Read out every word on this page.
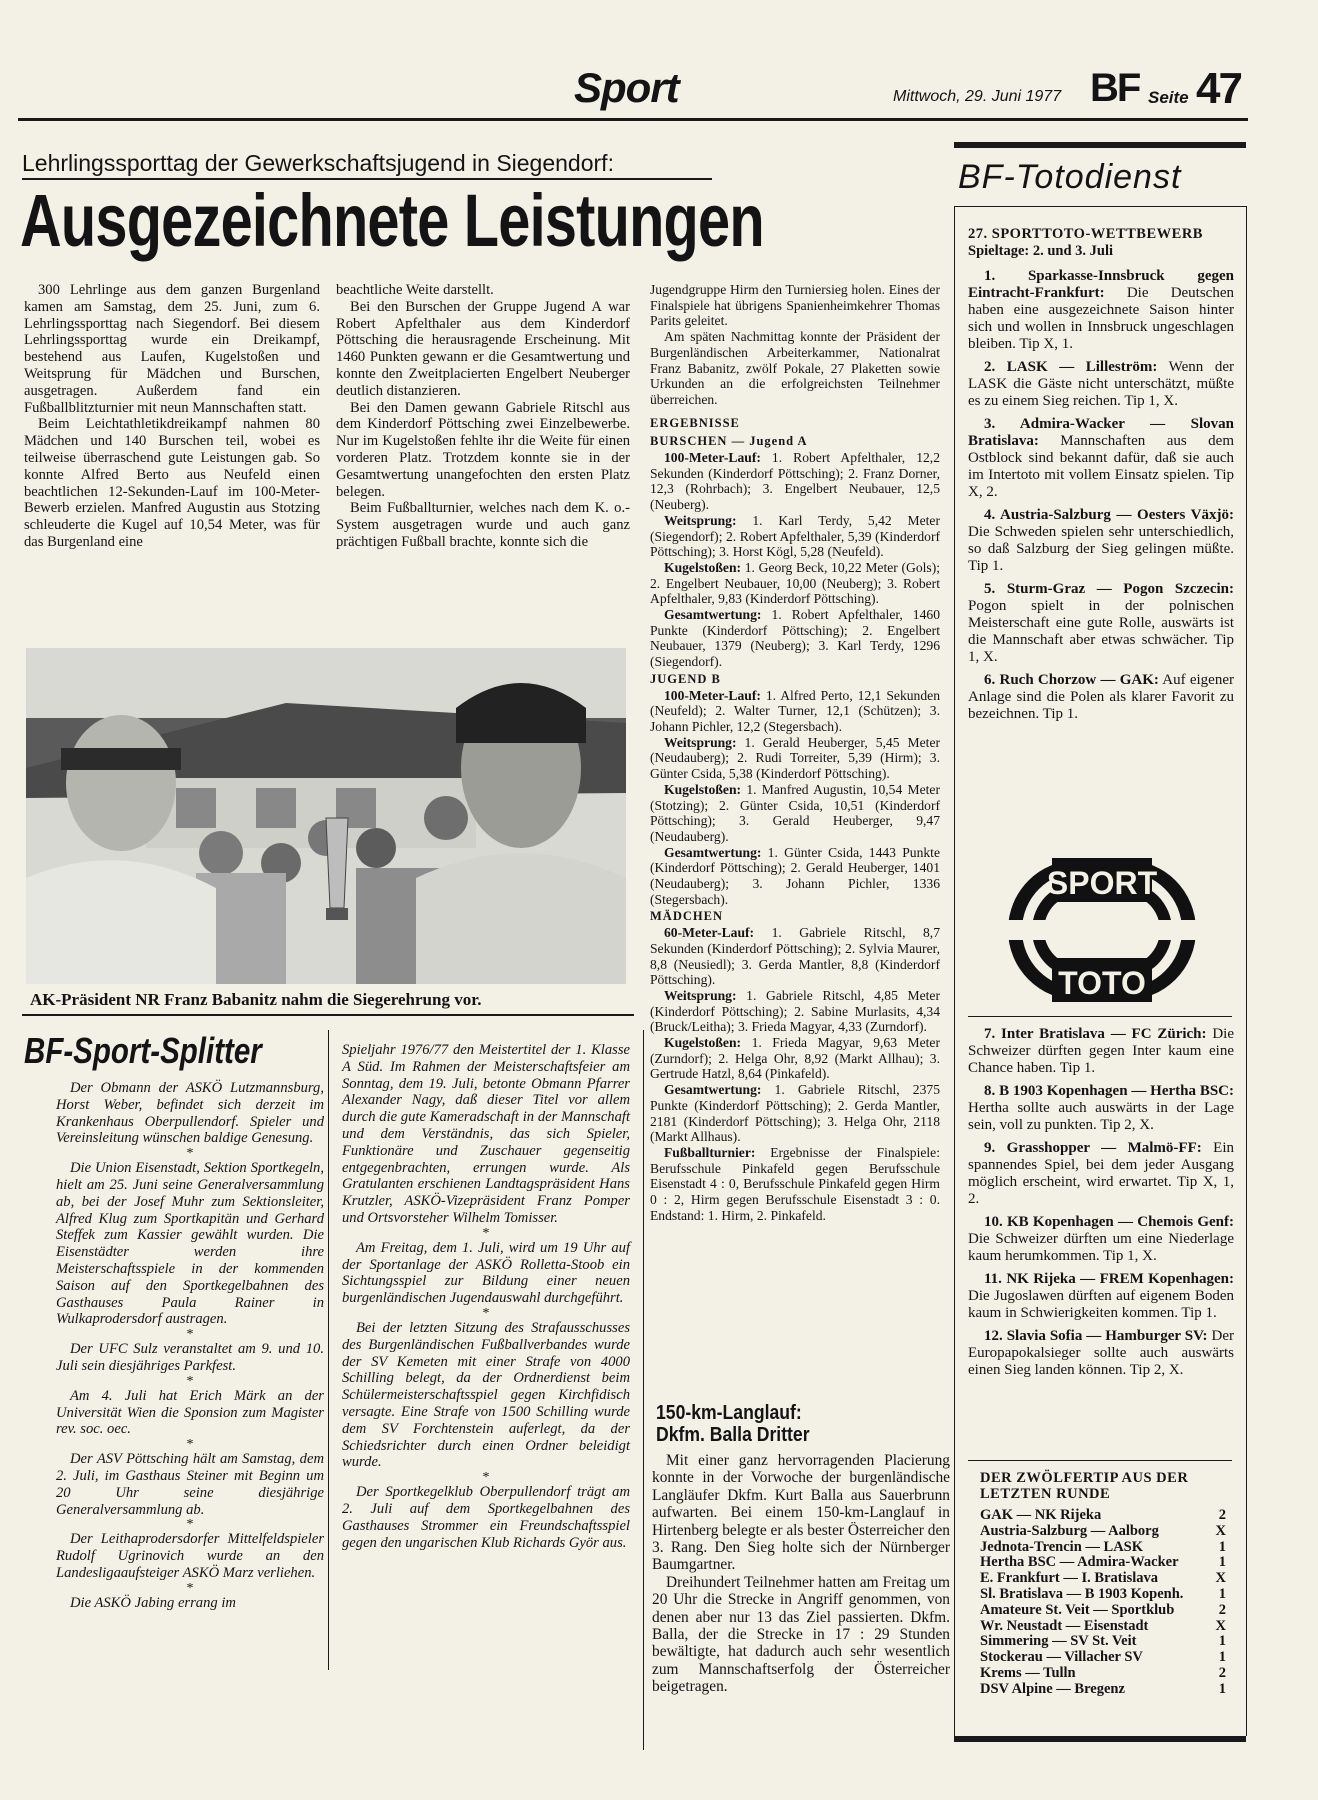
Sport	Mittwoch, 29. Juni 1977 BF Seite 47
Lehrlingssporttag der Gewerkschaftsjugend in Siegendorf:
Ausgezeichnete Leistungen

300 Lehrlinge aus dem ganzen Burgenland kamen am Samstag, dem 25. Juni, zum 6. Lehrlingssporttag nach Siegendorf. Bei diesem Lehrlingssporttag wurde ein Dreikampf, bestehend aus Laufen, Kugelstoßen und Weitsprung für Mädchen und Burschen, ausgetragen. Außerdem fand ein Fußballblitzturnier mit neun Mannschaften statt.

Beim Leichtathletikdreikampf nahmen 80 Mädchen und 140 Burschen teil, wobei es teilweise überraschend gute Leistungen gab. So konnte Alfred Berto aus Neufeld einen beachtlichen 12-Sekunden-Lauf im 100-Meter-Bewerb erzielen. Manfred Augustin aus Stotzing schleuderte die Kugel auf 10,54 Meter, was für das Burgenland eine

beachtliche Weite darstellt.

Bei den Burschen der Gruppe Jugend A war Robert Apfelthaler aus dem Kinderdorf Pöttsching die herausragende Erscheinung. Mit 1460 Punkten gewann er die Gesamtwertung und konnte den Zweitplacierten Engelbert Neuberger deutlich distanzieren.

Bei den Damen gewann Gabriele Ritschl aus dem Kinderdorf Pöttsching zwei Einzelbewerbe. Nur im Kugelstoßen fehlte ihr die Weite für einen vorderen Platz. Trotzdem konnte sie in der Gesamtwertung unangefochten den ersten Platz belegen.

Beim Fußballturnier, welches nach dem K. o.-System ausgetragen wurde und auch ganz prächtigen Fußball brachte, konnte sich die

AK-Präsident NR Franz Babanitz nahm die Siegerehrung vor.

Jugendgruppe Hirm den Turniersieg holen. Eines der Finalspiele hat übrigens Spanienheimkehrer Thomas Parits geleitet.

Am späten Nachmittag konnte der Präsident der Burgenländischen Arbeiterkammer, Nationalrat Franz Babanitz, zwölf Pokale, 27 Plaketten sowie Urkunden an die erfolgreichsten Teilnehmer überreichen.

ERGEBNISSE
BURSCHEN — Jugend A

100-Meter-Lauf: 1. Robert Apfelthaler, 12,2 Sekunden (Kinderdorf Pöttsching); 2. Franz Dorner, 12,3 (Rohrbach); 3. Engelbert Neubauer, 12,5 (Neuberg).

Weitsprung: 1. Karl Terdy, 5,42 Meter (Siegendorf); 2. Robert Apfelthaler, 5,39 (Kinderdorf Pöttsching); 3. Horst Kögl, 5,28 (Neufeld).

Kugelstoßen: 1. Georg Beck, 10,22 Meter (Gols); 2. Engelbert Neubauer, 10,00 (Neuberg); 3. Robert Apfelthaler, 9,83 (Kinderdorf Pöttsching).

Gesamtwertung: 1. Robert Apfelthaler, 1460 Punkte (Kinderdorf Pöttsching); 2. Engelbert Neubauer, 1379 (Neuberg); 3. Karl Terdy, 1296 (Siegendorf).

JUGEND B

100-Meter-Lauf: 1. Alfred Perto, 12,1 Sekunden (Neufeld); 2. Walter Turner, 12,1 (Schützen); 3. Johann Pichler, 12,2 (Stegersbach).

Weitsprung: 1. Gerald Heuberger, 5,45 Meter (Neudauberg); 2. Rudi Torreiter, 5,39 (Hirm); 3. Günter Csida, 5,38 (Kinderdorf Pöttsching).

Kugelstoßen: 1. Manfred Augustin, 10,54 Meter (Stotzing); 2. Günter Csida, 10,51 (Kinderdorf Pöttsching); 3. Gerald Heuberger, 9,47 (Neudauberg).

Gesamtwertung: 1. Günter Csida, 1443 Punkte (Kinderdorf Pöttsching); 2. Gerald Heuberger, 1401 (Neudauberg); 3. Johann Pichler, 1336 (Stegersbach).

MÄDCHEN

60-Meter-Lauf: 1. Gabriele Ritschl, 8,7 Sekunden (Kinderdorf Pöttsching); 2. Sylvia Maurer, 8,8 (Neusiedl); 3. Gerda Mantler, 8,8 (Kinderdorf Pöttsching).

Weitsprung: 1. Gabriele Ritschl, 4,85 Meter (Kinderdorf Pöttsching); 2. Sabine Murlasits, 4,34 (Bruck/Leitha); 3. Frieda Magyar, 4,33 (Zurndorf).

Kugelstoßen: 1. Frieda Magyar, 9,63 Meter (Zurndorf); 2. Helga Ohr, 8,92 (Markt Allhau); 3. Gertrude Hatzl, 8,64 (Pinkafeld).

Gesamtwertung: 1. Gabriele Ritschl, 2375 Punkte (Kinderdorf Pöttsching); 2. Gerda Mantler, 2181 (Kinderdorf Pöttsching); 3. Helga Ohr, 2118 (Markt Allhaus).

Fußballturnier: Ergebnisse der Finalspiele: Berufsschule Pinkafeld gegen Berufsschule Eisenstadt 4 : 0, Berufsschule Pinkafeld gegen Hirm 0 : 2, Hirm gegen Berufsschule Eisenstadt 3 : 0. Endstand: 1. Hirm, 2. Pinkafeld.

BF-Sport-Splitter

Der Obmann der ASKÖ Lutzmannsburg, Horst Weber, befindet sich derzeit im Krankenhaus Oberpullendorf. Spieler und Vereinsleitung wünschen baldige Genesung.

*

Die Union Eisenstadt, Sektion Sportkegeln, hielt am 25. Juni seine Generalversammlung ab, bei der Josef Muhr zum Sektionsleiter, Alfred Klug zum Sportkapitän und Gerhard Steffek zum Kassier gewählt wurden. Die Eisenstädter werden ihre Meisterschaftsspiele in der kommenden Saison auf den Sportkegelbahnen des Gasthauses Paula Rainer in Wulkaprodersdorf austragen.

*

Der UFC Sulz veranstaltet am 9. und 10. Juli sein diesjähriges Parkfest.

*

Am 4. Juli hat Erich Märk an der Universität Wien die Sponsion zum Magister rev. soc. oec.

*

Der ASV Pöttsching hält am Samstag, dem 2. Juli, im Gasthaus Steiner mit Beginn um 20 Uhr seine diesjährige Generalversammlung ab.

*

Der Leithaprodersdorfer Mittelfeldspieler Rudolf Ugrinovich wurde an den Landesligaaufsteiger ASKÖ Marz verliehen.

*

Die ASKÖ Jabing errang im

Spieljahr 1976/77 den Meistertitel der 1. Klasse A Süd. Im Rahmen der Meisterschaftsfeier am Sonntag, dem 19. Juli, betonte Obmann Pfarrer Alexander Nagy, daß dieser Titel vor allem durch die gute Kameradschaft in der Mannschaft und dem Verständnis, das sich Spieler, Funktionäre und Zuschauer gegenseitig entgegenbrachten, errungen wurde. Als Gratulanten erschienen Landtagspräsident Hans Krutzler, ASKÖ-Vizepräsident Franz Pomper und Ortsvorsteher Wilhelm Tomisser.

*

Am Freitag, dem 1. Juli, wird um 19 Uhr auf der Sportanlage der ASKÖ Rolletta-Stoob ein Sichtungsspiel zur Bildung einer neuen burgenländischen Jugendauswahl durchgeführt.

*

Bei der letzten Sitzung des Strafausschusses des Burgenländischen Fußballverbandes wurde der SV Kemeten mit einer Strafe von 4000 Schilling belegt, da der Ordnerdienst beim Schülermeisterschaftsspiel gegen Kirchfidisch versagte. Eine Strafe von 1500 Schilling wurde dem SV Forchtenstein auferlegt, da der Schiedsrichter durch einen Ordner beleidigt wurde.

*

Der Sportkegelklub Oberpullendorf trägt am 2. Juli auf dem Sportkegelbahnen des Gasthauses Strommer ein Freundschaftsspiel gegen den ungarischen Klub Richards Györ aus.

150-km-Langlauf:
Dkfm. Balla Dritter

Mit einer ganz hervorragenden Placierung konnte in der Vorwoche der burgenländische Langläufer Dkfm. Kurt Balla aus Sauerbrunn aufwarten. Bei einem 150-km-Langlauf in Hirtenberg belegte er als bester Österreicher den 3. Rang. Den Sieg holte sich der Nürnberger Baumgartner.

Dreihundert Teilnehmer hatten am Freitag um 20 Uhr die Strecke in Angriff genommen, von denen aber nur 13 das Ziel passierten. Dkfm. Balla, der die Strecke in 17 : 29 Stunden bewältigte, hat dadurch auch sehr wesentlich zum Mannschaftserfolg der Österreicher beigetragen.

BF-Totodienst
27. SPORTTOTO-WETTBEWERB
Spieltage: 2. und 3. Juli

1. Sparkasse-Innsbruck gegen Eintracht-Frankfurt: Die Deutschen haben eine ausgezeichnete Saison hinter sich und wollen in Innsbruck ungeschlagen bleiben. Tip X, 1.

2. LASK — Lilleström: Wenn der LASK die Gäste nicht unterschätzt, müßte es zu einem Sieg reichen. Tip 1, X.

3. Admira-Wacker — Slovan Bratislava: Mannschaften aus dem Ostblock sind bekannt dafür, daß sie auch im Intertoto mit vollem Einsatz spielen. Tip X, 2.

4. Austria-Salzburg — Oesters Växjö: Die Schweden spielen sehr unterschiedlich, so daß Salzburg der Sieg gelingen müßte. Tip 1.

5. Sturm-Graz — Pogon Szczecin: Pogon spielt in der polnischen Meisterschaft eine gute Rolle, auswärts ist die Mannschaft aber etwas schwächer. Tip 1, X.

6. Ruch Chorzow — GAK: Auf eigener Anlage sind die Polen als klarer Favorit zu bezeichnen. Tip 1.

SPORT
TOTO

7. Inter Bratislava — FC Zürich: Die Schweizer dürften gegen Inter kaum eine Chance haben. Tip 1.

8. B 1903 Kopenhagen — Hertha BSC: Hertha sollte auch auswärts in der Lage sein, voll zu punkten. Tip 2, X.

9. Grasshopper — Malmö-FF: Ein spannendes Spiel, bei dem jeder Ausgang möglich erscheint, wird erwartet. Tip X, 1, 2.

10. KB Kopenhagen — Chemois Genf: Die Schweizer dürften um eine Niederlage kaum herumkommen. Tip 1, X.

11. NK Rijeka — FREM Kopenhagen: Die Jugoslawen dürften auf eigenem Boden kaum in Schwierigkeiten kommen. Tip 1.

12. Slavia Sofia — Hamburger SV: Der Europapokalsieger sollte auch auswärts einen Sieg landen können. Tip 2, X.

DER ZWÖLFERTIP AUS DER LETZTEN RUNDE
GAK — NK Rijeka	2
Austria-Salzburg — Aalborg	X
Jednota-Trencin — LASK	1
Hertha BSC — Admira-Wacker	1
E. Frankfurt — I. Bratislava	X
Sl. Bratislava — B 1903 Kopenh. 1
Amateure St. Veit — Sportklub	2
Wr. Neustadt — Eisenstadt	X
Simmering — SV St. Veit	1
Stockerau — Villacher SV	1
Krems — Tulln	2
DSV Alpine — Bregenz	1
